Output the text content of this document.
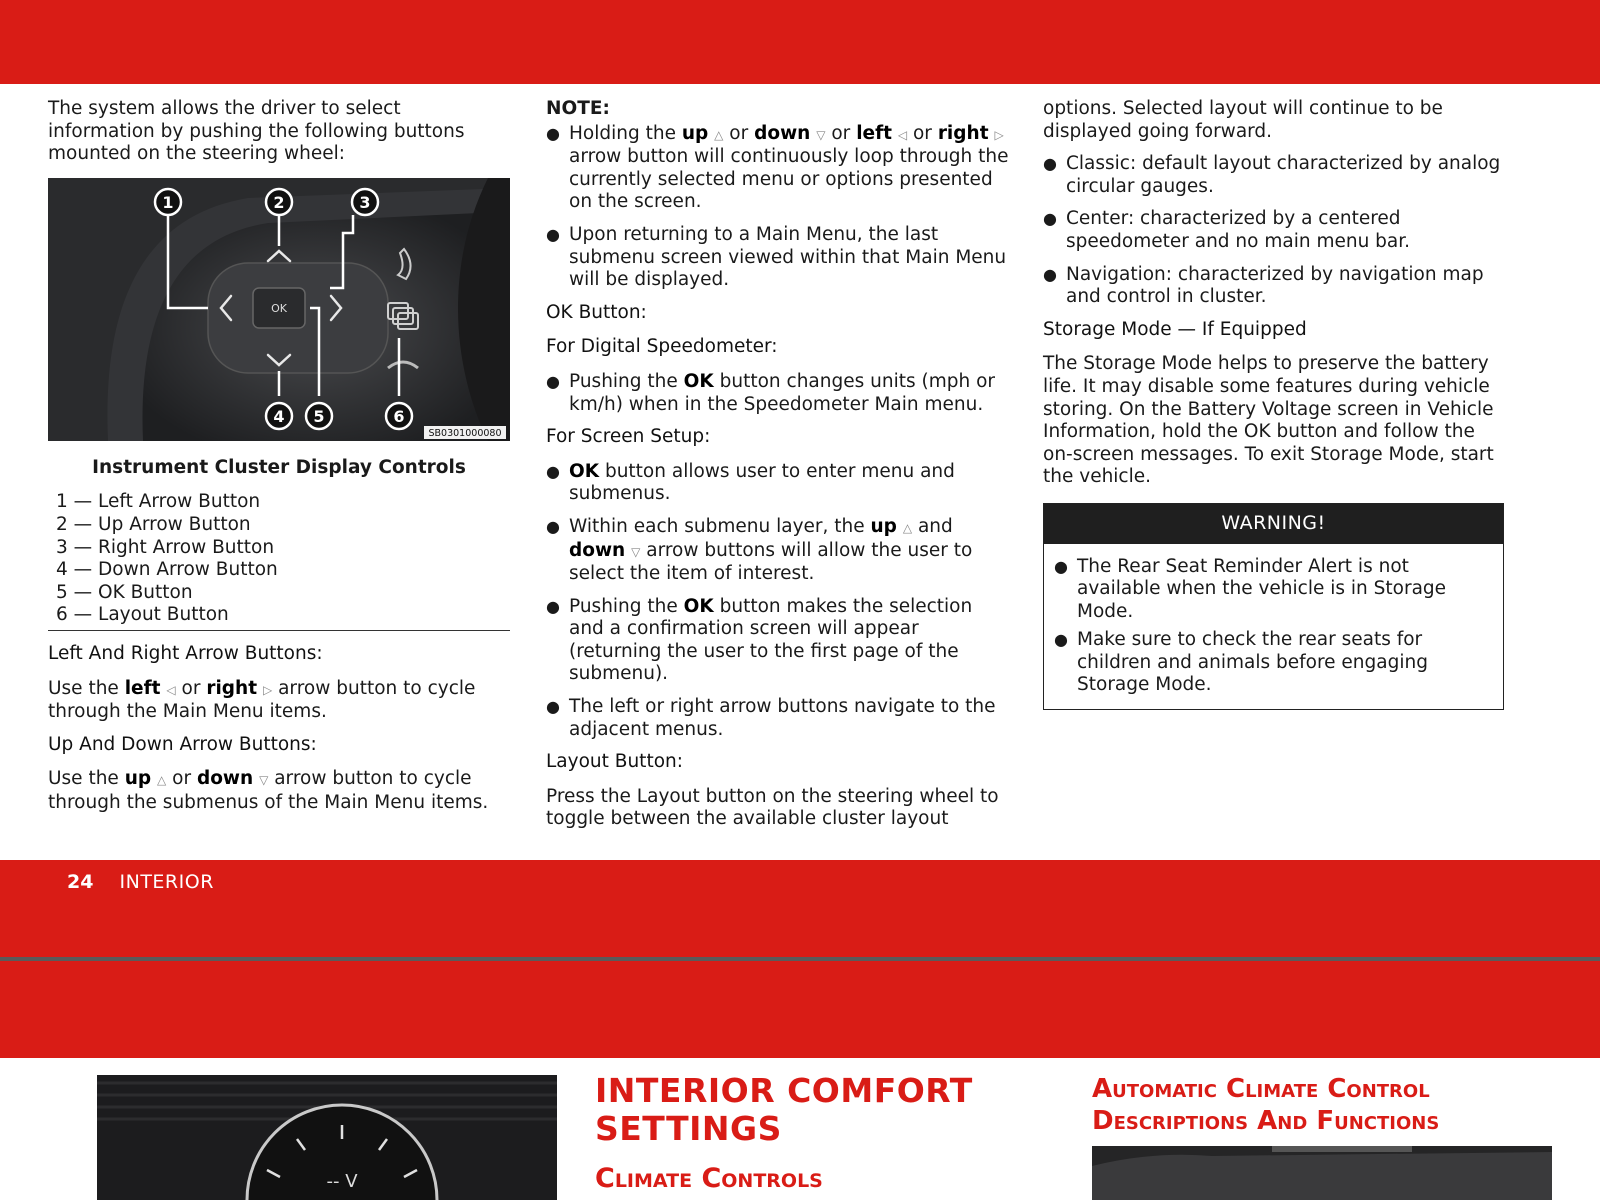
24 INTERIOR

The system allows the driver to select information by pushing the following buttons mounted on the steering wheel:

1	2	3
4 5	6
OK
SB0301000080
Instrument Cluster Display Controls
1 — Left Arrow Button
2 — Up Arrow Button
3 — Right Arrow Button
4 — Down Arrow Button
5 — OK Button
6 — Layout Button

Left And Right Arrow Buttons:

Use the left ◁ or right ▷ arrow button to cycle through the Main Menu items.

Up And Down Arrow Buttons:

Use the up △ or down ▽ arrow button to cycle through the submenus of the Main Menu items.

NOTE:

● Holding the up △ or down ▽ or left ◁ or right ▷ arrow button will continuously loop through the currently selected menu or options presented on the screen.
● Upon returning to a Main Menu, the last submenu screen viewed within that Main Menu will be displayed.

OK Button:

For Digital Speedometer:

● Pushing the OK button changes units (mph or km/h) when in the Speedometer Main menu.

For Screen Setup:

● OK button allows user to enter menu and submenus.
● Within each submenu layer, the up △ and down ▽ arrow buttons will allow the user to select the item of interest.
● Pushing the OK button makes the selection and a confirmation screen will appear (returning the user to the first page of the submenu).
● The left or right arrow buttons navigate to the adjacent menus.

Layout Button:

Press the Layout button on the steering wheel to toggle between the available cluster layout

options. Selected layout will continue to be displayed going forward.

● Classic: default layout characterized by analog circular gauges.
● Center: characterized by a centered speedometer and no main menu bar.
● Navigation: characterized by navigation map and control in cluster.

Storage Mode — If Equipped

The Storage Mode helps to preserve the battery life. It may disable some features during vehicle storing. On the Battery Voltage screen in Vehicle Information, hold the OK button and follow the on-screen messages. To exit Storage Mode, start the vehicle.

WARNING!
● The Rear Seat Reminder Alert is not available when the vehicle is in Storage Mode.
● Make sure to check the rear seats for children and animals before engaging Storage Mode.
-- V
INTERIOR COMFORT
SETTINGS
Climate Controls
Automatic Climate Control
Descriptions And Functions
